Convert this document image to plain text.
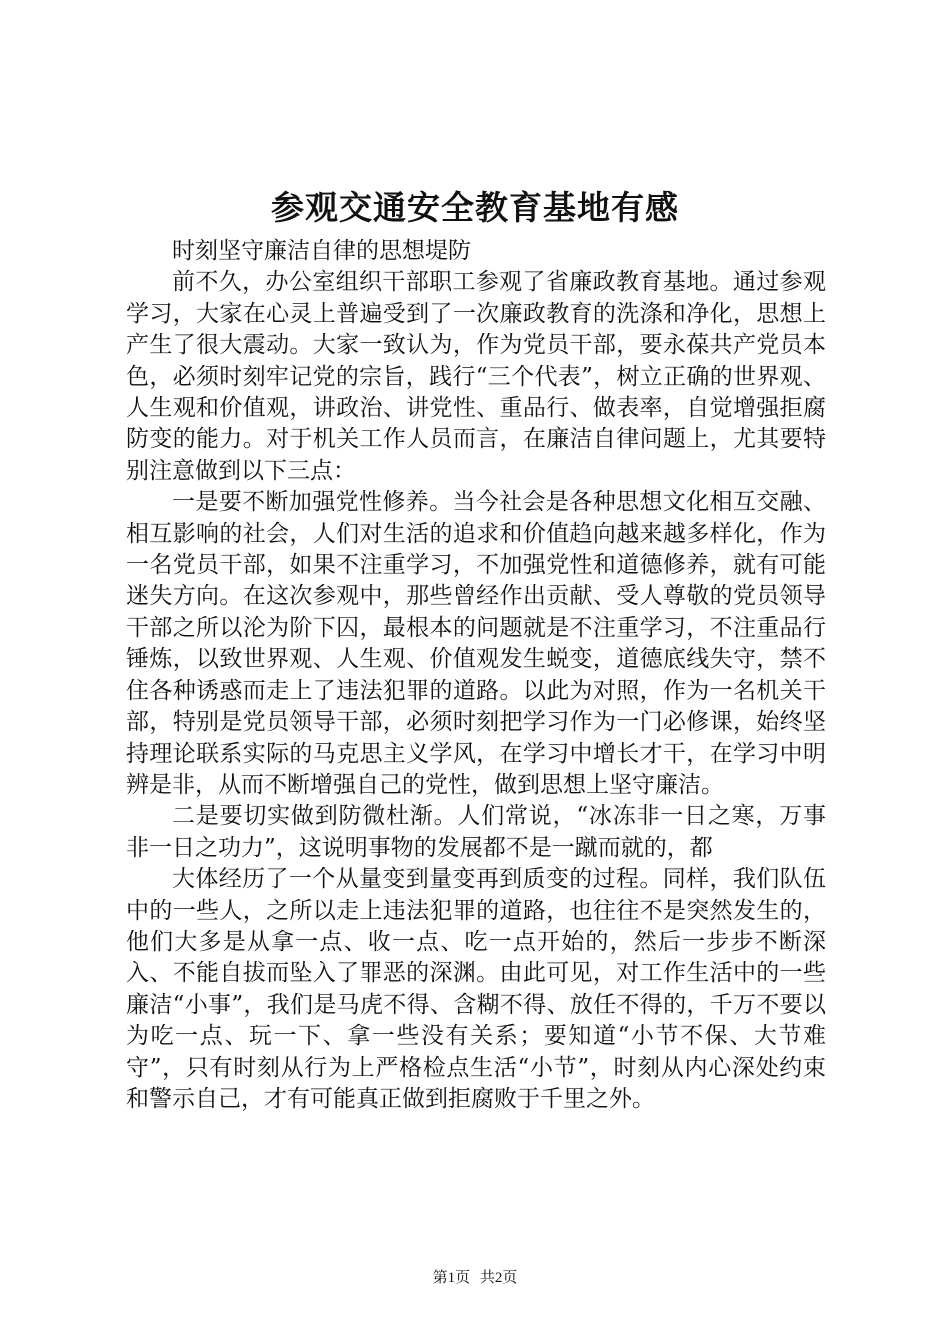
参观交通安全教育基地有感

时刻坚守廉洁自律的思想堤防

前不久，办公室组织干部职工参观了省廉政教育基地。通过参观学习，大家在心灵上普遍受到了一次廉政教育的洗涤和净化，思想上产生了很大震动。大家一致认为，作为党员干部，要永葆共产党员本色，必须时刻牢记党的宗旨，践行“三个代表”，树立正确的世界观、人生观和价值观，讲政治、讲党性、重品行、做表率，自觉增强拒腐防变的能力。对于机关工作人员而言，在廉洁自律问题上，尤其要特别注意做到以下三点：

一是要不断加强党性修养。当今社会是各种思想文化相互交融、相互影响的社会，人们对生活的追求和价值趋向越来越多样化，作为一名党员干部，如果不注重学习，不加强党性和道德修养，就有可能迷失方向。在这次参观中，那些曾经作出贡献、受人尊敬的党员领导干部之所以沦为阶下囚，最根本的问题就是不注重学习，不注重品行锤炼，以致世界观、人生观、价值观发生蜕变，道德底线失守，禁不住各种诱惑而走上了违法犯罪的道路。以此为对照，作为一名机关干部，特别是党员领导干部，必须时刻把学习作为一门必修课，始终坚持理论联系实际的马克思主义学风，在学习中增长才干，在学习中明辨是非，从而不断增强自己的党性，做到思想上坚守廉洁。

二是要切实做到防微杜渐。人们常说，“冰冻非一日之寒，万事非一日之功力”，这说明事物的发展都不是一蹴而就的，都

大体经历了一个从量变到量变再到质变的过程。同样，我们队伍中的一些人，之所以走上违法犯罪的道路，也往往不是突然发生的，他们大多是从拿一点、收一点、吃一点开始的，然后一步步不断深入、不能自拔而坠入了罪恶的深渊。由此可见，对工作生活中的一些廉洁“小事”，我们是马虎不得、含糊不得、放任不得的，千万不要以为吃一点、玩一下、拿一些没有关系；要知道“小节不保、大节难守”，只有时刻从行为上严格检点生活“小节”，时刻从内心深处约束和警示自己，才有可能真正做到拒腐败于千里之外。

第1页 共2页
